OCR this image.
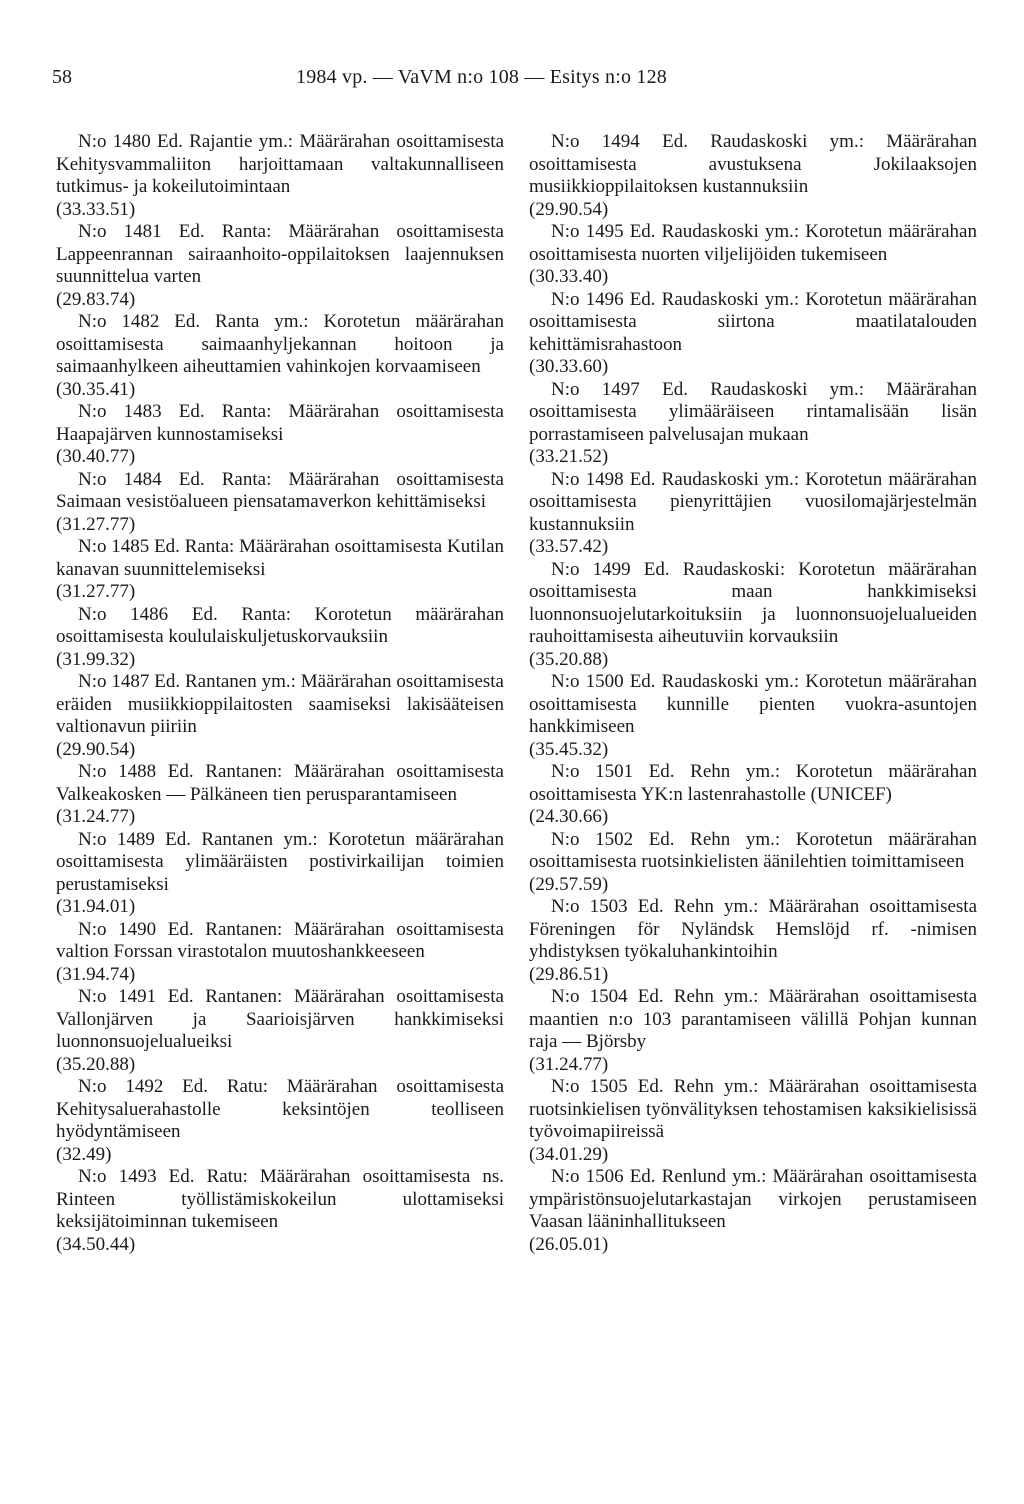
58	1984 vp. — VaVM n:o 108 — Esitys n:o 128

N:o 1480 Ed. Rajantie ym.: Määrärahan osoittamisesta Kehitysvammaliiton harjoittamaan valtakunnalliseen tutkimus- ja kokeilutoimintaan

(33.33.51)

N:o 1481 Ed. Ranta: Määrärahan osoittamisesta Lappeenrannan sairaanhoito-oppilaitoksen laajennuksen suunnittelua varten

(29.83.74)

N:o 1482 Ed. Ranta ym.: Korotetun määrärahan osoittamisesta saimaanhyljekannan hoitoon ja saimaanhylkeen aiheuttamien vahinkojen korvaamiseen

(30.35.41)

N:o 1483 Ed. Ranta: Määrärahan osoittamisesta Haapajärven kunnostamiseksi

(30.40.77)

N:o 1484 Ed. Ranta: Määrärahan osoittamisesta Saimaan vesistöalueen piensatamaverkon kehittämiseksi

(31.27.77)

N:o 1485 Ed. Ranta: Määrärahan osoittamisesta Kutilan kanavan suunnittelemiseksi

(31.27.77)

N:o 1486 Ed. Ranta: Korotetun määrärahan osoittamisesta koululaiskuljetuskorvauksiin

(31.99.32)

N:o 1487 Ed. Rantanen ym.: Määrärahan osoittamisesta eräiden musiikkioppilaitosten saamiseksi lakisääteisen valtionavun piiriin

(29.90.54)

N:o 1488 Ed. Rantanen: Määrärahan osoittamisesta Valkeakosken — Pälkäneen tien perusparantamiseen

(31.24.77)

N:o 1489 Ed. Rantanen ym.: Korotetun määrärahan osoittamisesta ylimääräisten postivirkailijan toimien perustamiseksi

(31.94.01)

N:o 1490 Ed. Rantanen: Määrärahan osoittamisesta valtion Forssan virastotalon muutoshankkeeseen

(31.94.74)

N:o 1491 Ed. Rantanen: Määrärahan osoittamisesta Vallonjärven ja Saarioisjärven hankkimiseksi luonnonsuojelualueiksi

(35.20.88)

N:o 1492 Ed. Ratu: Määrärahan osoittamisesta Kehitysaluerahastolle keksintöjen teolliseen hyödyntämiseen

(32.49)

N:o 1493 Ed. Ratu: Määrärahan osoittamisesta ns. Rinteen työllistämiskokeilun ulottamiseksi keksijätoiminnan tukemiseen

(34.50.44)

N:o 1494 Ed. Raudaskoski ym.: Määrärahan osoittamisesta avustuksena Jokilaaksojen musiikkioppilaitoksen kustannuksiin

(29.90.54)

N:o 1495 Ed. Raudaskoski ym.: Korotetun määrärahan osoittamisesta nuorten viljelijöiden tukemiseen

(30.33.40)

N:o 1496 Ed. Raudaskoski ym.: Korotetun määrärahan osoittamisesta siirtona maatilatalouden kehittämisrahastoon

(30.33.60)

N:o 1497 Ed. Raudaskoski ym.: Määrärahan osoittamisesta ylimääräiseen rintamalisään lisän porrastamiseen palvelusajan mukaan

(33.21.52)

N:o 1498 Ed. Raudaskoski ym.: Korotetun määrärahan osoittamisesta pienyrittäjien vuosilomajärjestelmän kustannuksiin

(33.57.42)

N:o 1499 Ed. Raudaskoski: Korotetun määrärahan osoittamisesta maan hankkimiseksi luonnonsuojelutarkoituksiin ja luonnonsuojelualueiden rauhoittamisesta aiheutuviin korvauksiin

(35.20.88)

N:o 1500 Ed. Raudaskoski ym.: Korotetun määrärahan osoittamisesta kunnille pienten vuokra-asuntojen hankkimiseen

(35.45.32)

N:o 1501 Ed. Rehn ym.: Korotetun määrärahan osoittamisesta YK:n lastenrahastolle (UNICEF)

(24.30.66)

N:o 1502 Ed. Rehn ym.: Korotetun määrärahan osoittamisesta ruotsinkielisten äänilehtien toimittamiseen

(29.57.59)

N:o 1503 Ed. Rehn ym.: Määrärahan osoittamisesta Föreningen för Nyländsk Hemslöjd rf. -nimisen yhdistyksen työkaluhankintoihin

(29.86.51)

N:o 1504 Ed. Rehn ym.: Määrärahan osoittamisesta maantien n:o 103 parantamiseen välillä Pohjan kunnan raja — Björsby

(31.24.77)

N:o 1505 Ed. Rehn ym.: Määrärahan osoittamisesta ruotsinkielisen työnvälityksen tehostamisen kaksikielisissä työvoimapiireissä

(34.01.29)

N:o 1506 Ed. Renlund ym.: Määrärahan osoittamisesta ympäristönsuojelutarkastajan virkojen perustamiseen Vaasan lääninhallitukseen

(26.05.01)
